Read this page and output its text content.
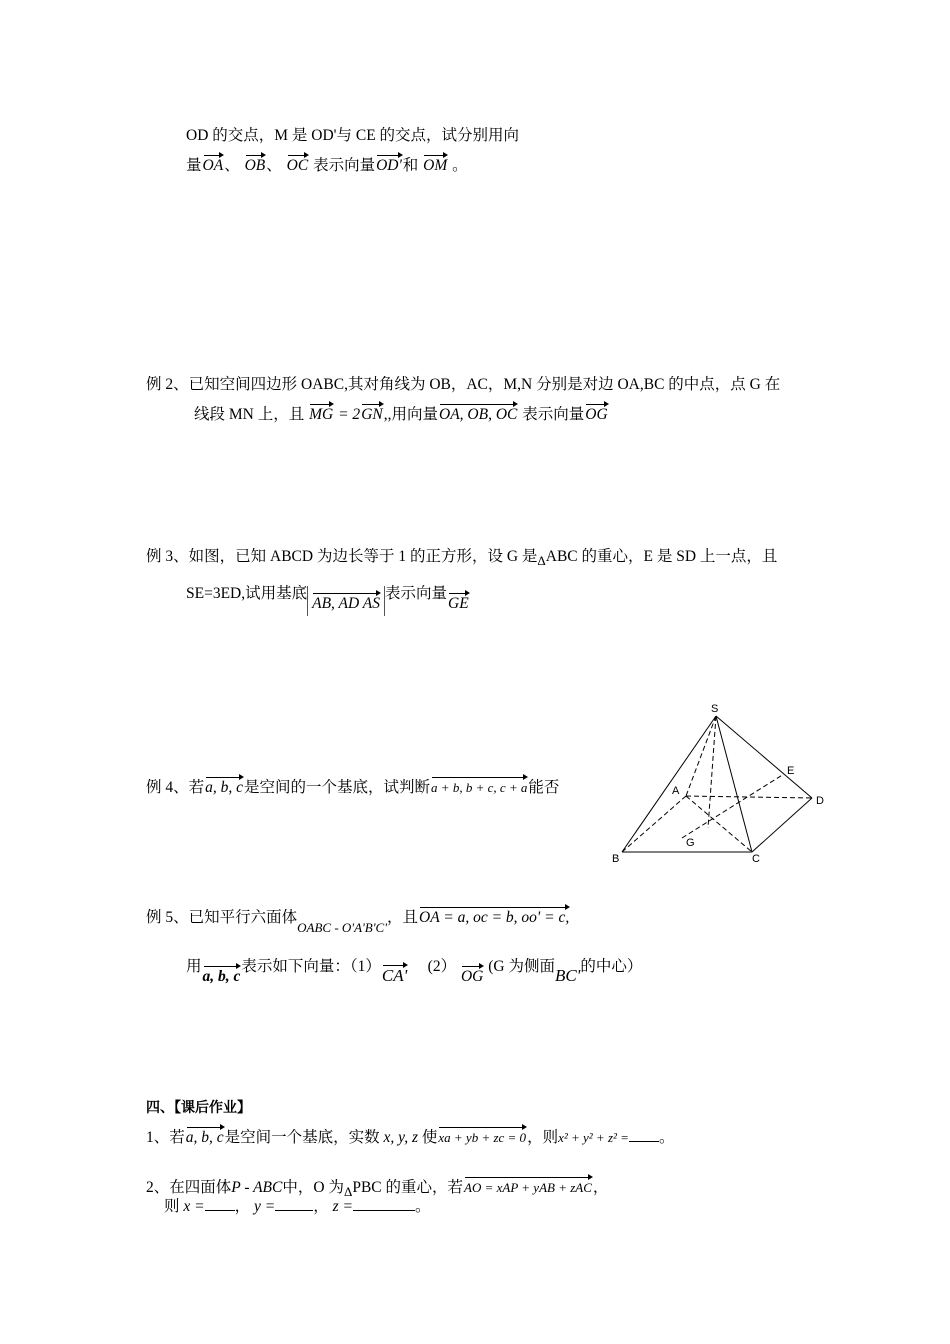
OD 的交点，M 是 OD'与 CE 的交点，试分别用向
量OA、 OB、 OC 表示向量OD'和 OM 。
例 2、已知空间四边形 OABC,其对角线为 OB，AC，M,N 分别是对边 OA,BC 的中点，点 G 在
线段 MN 上，且 MG = 2GN,,用向量OA, OB, OC 表示向量OG
例 3、如图，已知 ABCD 为边长等于 1 的正方形，设 G 是$_\Delta$ABC 的重心，E 是 SD 上一点，且
SE=3ED,试用基底AB, AD AS表示向量GE
例 4、若a, b, c是空间的一个基底，试判断a + b, b + c, c + a能否
S
E
A
D
G
B	C
例 5、已知平行六面体$_{OABC - O'A'B'C'}$，且OA = a, oc = b, oo' = c,
用a, b, c表示如下向量：（1）CA' (2） OG (G 为侧面BC'的中心）
四、【课后作业】
1、若a, b, c是空间一个基底，实数 x, y, z 使xa + yb + zc = 0，则x² + y² + z² = 。
2、在四面体P - ABC中，O 为$_\Delta$PBC 的重心，若AO = xAP + yAB + zAC，
则 x = ， y = ， z =	。
